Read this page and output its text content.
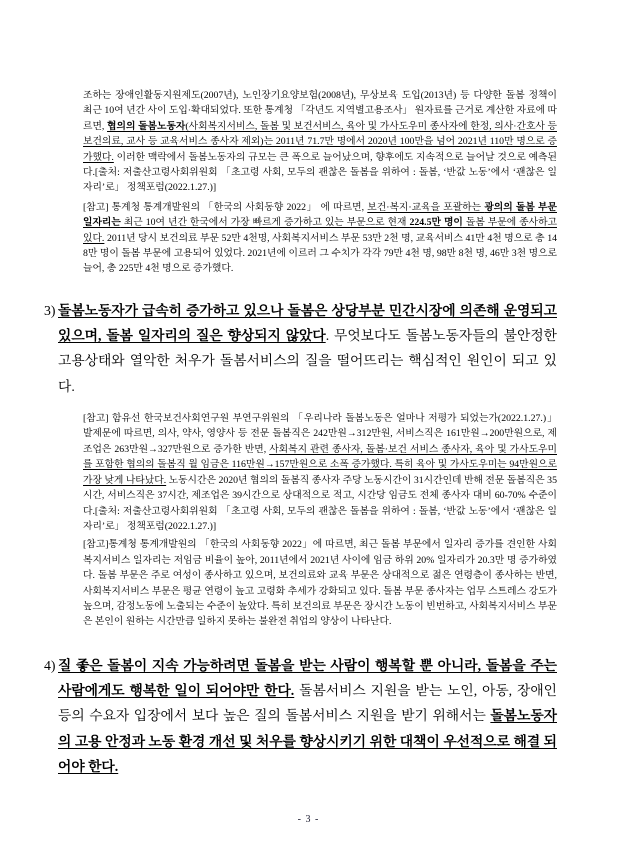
조하는 장애인활동지원제도(2007년), 노인장기요양보험(2008년), 무상보육 도입(2013년) 등 다양한 돌봄 정책이 최근 10여 년간 사이 도입·확대되었다. 또한 통계청 「각년도 지역별고용조사」 원자료를 근거로 계산한 자료에 따르면, 협의의 돌봄노동자(사회복지서비스, 돌봄 및 보건서비스, 육아 및 가사도우미 종사자에 한정, 의사·간호사 등 보건의료, 교사 등 교육서비스 종사자 제외)는 2011년 71.7만 명에서 2020년 100만을 넘어 2021년 110만 명으로 증가했다. 이러한 맥락에서 돌봄노동자의 규모는 큰 폭으로 늘어났으며, 향후에도 지속적으로 늘어날 것으로 예측된다.[출처: 저출산고령사회위원회 「초고령 사회, 모두의 괜찮은 돌봄을 위하여 : 돌봄, ‘반값 노동’에서 ‘괜찮은 일자리’로」 정책포럼(2022.1.27.)]

[참고] 통계청 통계개발원의 「한국의 사회동향 2022」 에 따르면, 보건·복지·교육을 포괄하는 광의의 돌봄 부문 일자리는 최근 10여 년간 한국에서 가장 빠르게 증가하고 있는 부문으로 현재 224.5만 명이 돌봄 부문에 종사하고 있다. 2011년 당시 보건의료 부문 52만 4천명, 사회복지서비스 부문 53만 2천 명, 교육서비스 41만 4천 명으로 총 148만 명이 돌봄 부문에 고용되어 있었다. 2021년에 이르러 그 수치가 각각 79만 4천 명, 98만 8천 명, 46만 3천 명으로 늘어, 총 225만 4천 명으로 증가했다.

3) 돌봄노동자가 급속히 증가하고 있으나 돌봄은 상당부분 민간시장에 의존해 운영되고 있으며, 돌봄 일자리의 질은 향상되지 않았다. 무엇보다도 돌봄노동자들의 불안정한 고용상태와 열악한 처우가 돌봄서비스의 질을 떨어뜨리는 핵심적인 원인이 되고 있다.

[참고] 함유선 한국보건사회연구원 부연구위원의 「우리나라 돌봄노동은 얼마나 저평가 되었는가(2022.1.27.)」 발제문에 따르면, 의사, 약사, 영양사 등 전문 돌봄직은 242만원→312만원, 서비스직은 161만원→200만원으로, 제조업은 263만원→327만원으로 증가한 반면, 사회복지 관련 종사자, 돌봄·보건 서비스 종사자, 육아 및 가사도우미를 포함한 협의의 돌봄직 월 임금은 116만원→157만원으로 소폭 증가했다. 특히 육아 및 가사도우미는 94만원으로 가장 낮게 나타났다. 노동시간은 2020년 협의의 돌봄직 종사자 주당 노동시간이 31시간인데 반해 전문 돌봄직은 35시간, 서비스직은 37시간, 제조업은 39시간으로 상대적으로 적고, 시간당 임금도 전체 종사자 대비 60-70% 수준이다.[출처: 저출산고령사회위원회 「초고령 사회, 모두의 괜찮은 돌봄을 위하여 : 돌봄, ‘반값 노동’에서 ‘괜찮은 일자리’로」 정책포럼(2022.1.27.)]

[참고]통계청 통계개발원의 「한국의 사회동향 2022」에 따르면, 최근 돌봄 부문에서 일자리 증가를 견인한 사회복지서비스 일자리는 저임금 비율이 높아, 2011년에서 2021년 사이에 임금 하위 20% 일자리가 20.3만 명 증가하였다. 돌봄 부문은 주로 여성이 종사하고 있으며, 보건의료와 교육 부문은 상대적으로 젊은 연령층이 종사하는 반면, 사회복지서비스 부문은 평균 연령이 높고 고령화 추세가 강화되고 있다. 돌봄 부문 종사자는 업무 스트레스 강도가 높으며, 감정노동에 노출되는 수준이 높았다. 특히 보건의료 부문은 장시간 노동이 빈번하고, 사회복지서비스 부문은 본인이 원하는 시간만큼 일하지 못하는 불완전 취업의 양상이 나타난다.

4) 질 좋은 돌봄이 지속 가능하려면 돌봄을 받는 사람이 행복할 뿐 아니라, 돌봄을 주는 사람에게도 행복한 일이 되어야만 한다. 돌봄서비스 지원을 받는 노인, 아동, 장애인 등의 수요자 입장에서 보다 높은 질의 돌봄서비스 지원을 받기 위해서는 돌봄노동자의 고용 안정과 노동 환경 개선 및 처우를 향상시키기 위한 대책이 우선적으로 해결 되어야 한다.
- 3 -
